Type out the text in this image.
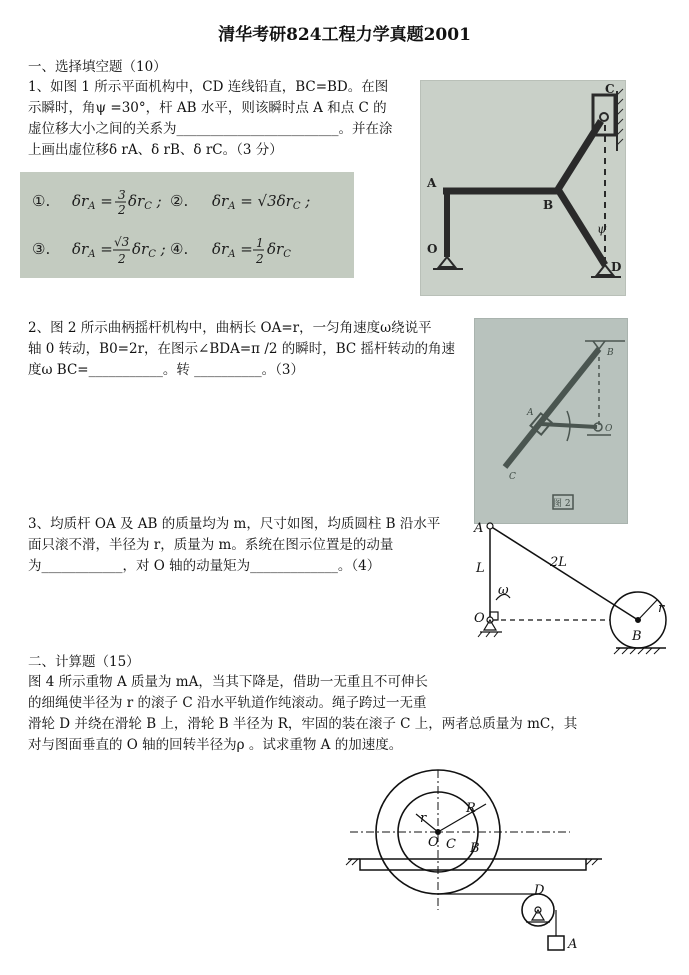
清华考研824工程力学真题2001
一、选择填空题（10）
1、如图 1 所示平面机构中，CD 连线铅直，BC=BD。在图
示瞬时，角ψ =30°，杆 AB 水平，则该瞬时点 A 和点 C 的
虚位移大小之间的关系为________________________。并在涂
上画出虚位移δ rA、δ rB、δ rC。（3 分）
①. $\delta r_A = 3$
2 $\delta r_C$ ; ②. $\delta r_A = √3\delta r_C$ ;
③. $\delta r_A = √3$
2
$\delta r_C$ ; ④. $\delta r_A = 1$
2
$\delta r_C$
C
A
B
O
D
ψ
2、图 2 所示曲柄摇杆机构中，曲柄长 OA=r，一匀角速度ω绕说平
轴 0 转动，B0=2r，在图示∠BDA=π /2 的瞬时，BC 摇杆转动的角速
度ω BC=___________。转 __________。（3）
B
A
O
C
图 2
3、均质杆 OA 及 AB 的质量均为 m，尺寸如图，均质圆柱 B 沿水平
面只滚不滑，半径为 r，质量为 m。系统在图示位置是的动量
为____________，对 O 轴的动量矩为_____________。（4）
A
L	2L
ω
O
B
r
二、计算题（15）
图 4 所示重物 A 质量为 mA，当其下降是，借助一无重且不可伸长
的细绳使半径为 r 的滚子 C 沿水平轨道作纯滚动。绳子跨过一无重
滑轮 D 并绕在滑轮 B 上，滑轮 B 半径为 R，牢固的装在滚子 C 上，两者总质量为 mC，其
对与图面垂直的 O 轴的回转半径为ρ 。试求重物 A 的加速度。
r
R
O C B
D
A
